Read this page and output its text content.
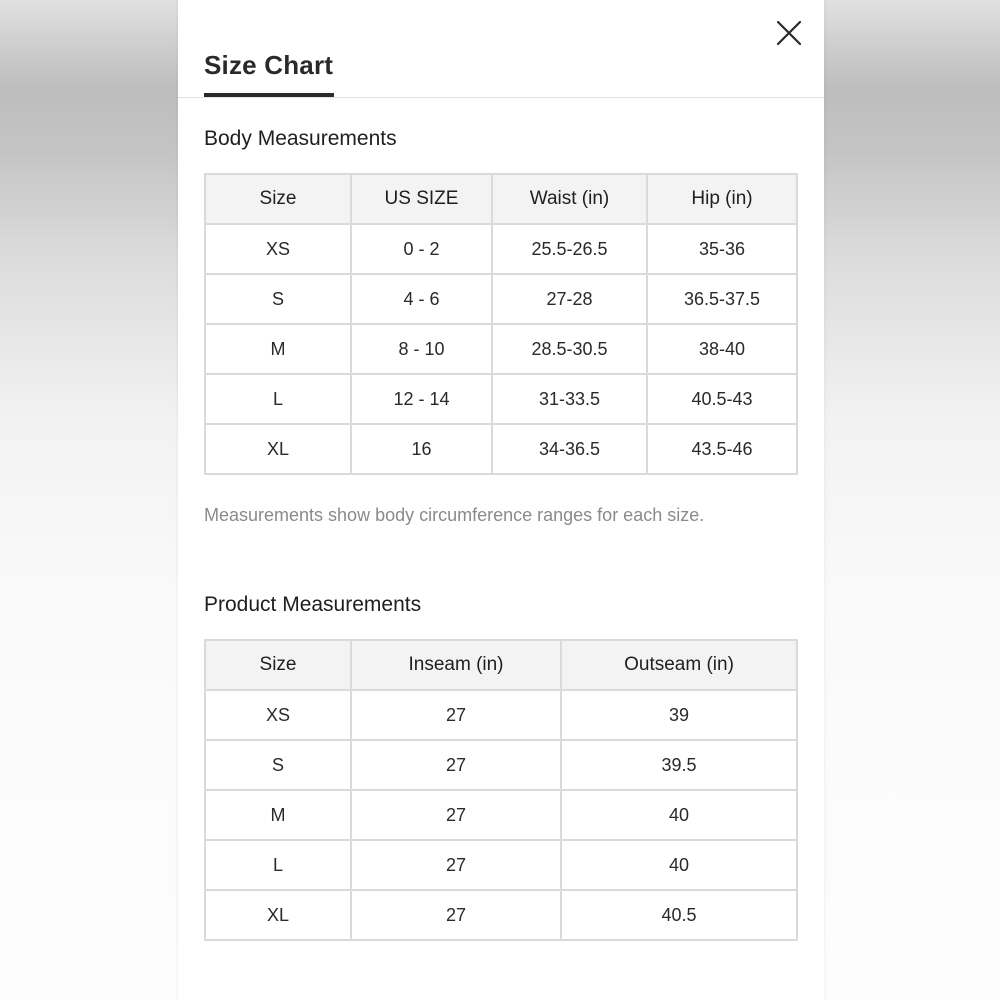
Size Chart
Body Measurements
Size	US SIZE	Waist (in)	Hip (in)
XS	0 - 2	25.5-26.5	35-36
S	4 - 6	27-28	36.5-37.5
M	8 - 10	28.5-30.5	38-40
L	12 - 14	31-33.5	40.5-43
XL	16	34-36.5	43.5-46

Measurements show body circumference ranges for each size.

Product Measurements
Size	Inseam (in)	Outseam (in)
XS	27	39
S	27	39.5
M	27	40
L	27	40
XL	27	40.5
